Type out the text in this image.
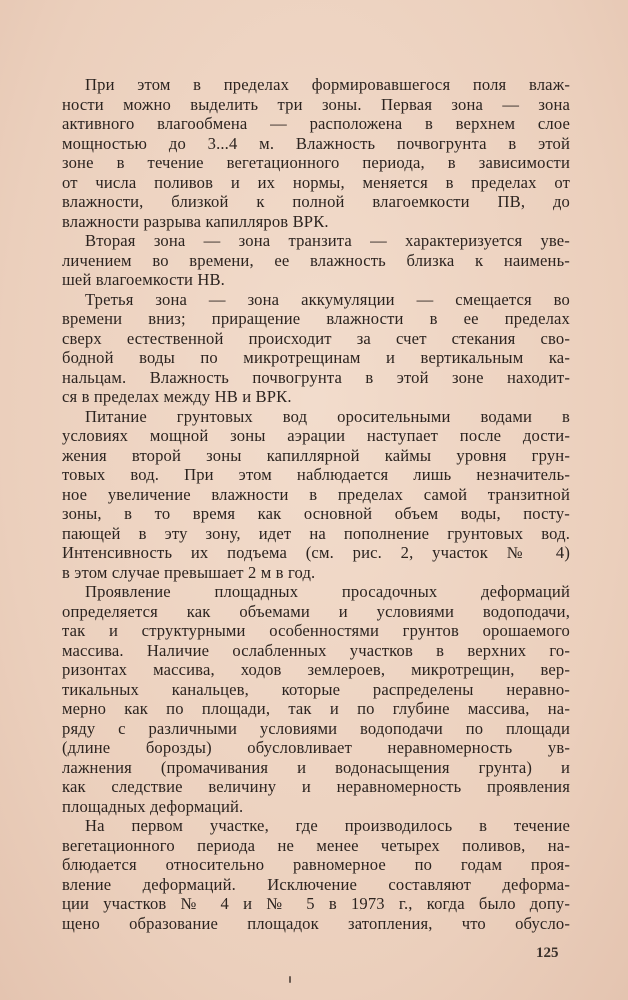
При этом в пределах формировавшегося поля влаж-
ности можно выделить три зоны. Первая зона — зона
активного влагообмена — расположена в верхнем слое
мощностью до 3...4 м. Влажность почвогрунта в этой
зоне в течение вегетационного периода, в зависимости
от числа поливов и их нормы, меняется в пределах от
влажности, близкой к полной влагоемкости ПВ, до
влажности разрыва капилляров ВРК.
Вторая зона — зона транзита — характеризуется уве-
личением во времени, ее влажность близка к наимень-
шей влагоемкости НВ.
Третья зона — зона аккумуляции — смещается во
времени вниз; приращение влажности в ее пределах
сверх естественной происходит за счет стекания сво-
бодной воды по микротрещинам и вертикальным ка-
нальцам. Влажность почвогрунта в этой зоне находит-
ся в пределах между НВ и ВРК.
Питание грунтовых вод оросительными водами в
условиях мощной зоны аэрации наступает после дости-
жения второй зоны капиллярной каймы уровня грун-
товых вод. При этом наблюдается лишь незначитель-
ное увеличение влажности в пределах самой транзитной
зоны, в то время как основной объем воды, посту-
пающей в эту зону, идет на пополнение грунтовых вод.
Интенсивность их подъема (см. рис. 2, участок № 4)
в этом случае превышает 2 м в год.
Проявление площадных просадочных деформаций
определяется как объемами и условиями водоподачи,
так и структурными особенностями грунтов орошаемого
массива. Наличие ослабленных участков в верхних го-
ризонтах массива, ходов землероев, микротрещин, вер-
тикальных канальцев, которые распределены неравно-
мерно как по площади, так и по глубине массива, на-
ряду с различными условиями водоподачи по площади
(длине борозды) обусловливает неравномерность ув-
лажнения (промачивания и водонасыщения грунта) и
как следствие величину и неравномерность проявления
площадных деформаций.
На первом участке, где производилось в течение
вегетационного периода не менее четырех поливов, на-
блюдается относительно равномерное по годам проя-
вление деформаций. Исключение составляют деформа-
ции участков № 4 и № 5 в 1973 г., когда было допу-
щено образование площадок затопления, что обусло-
125
